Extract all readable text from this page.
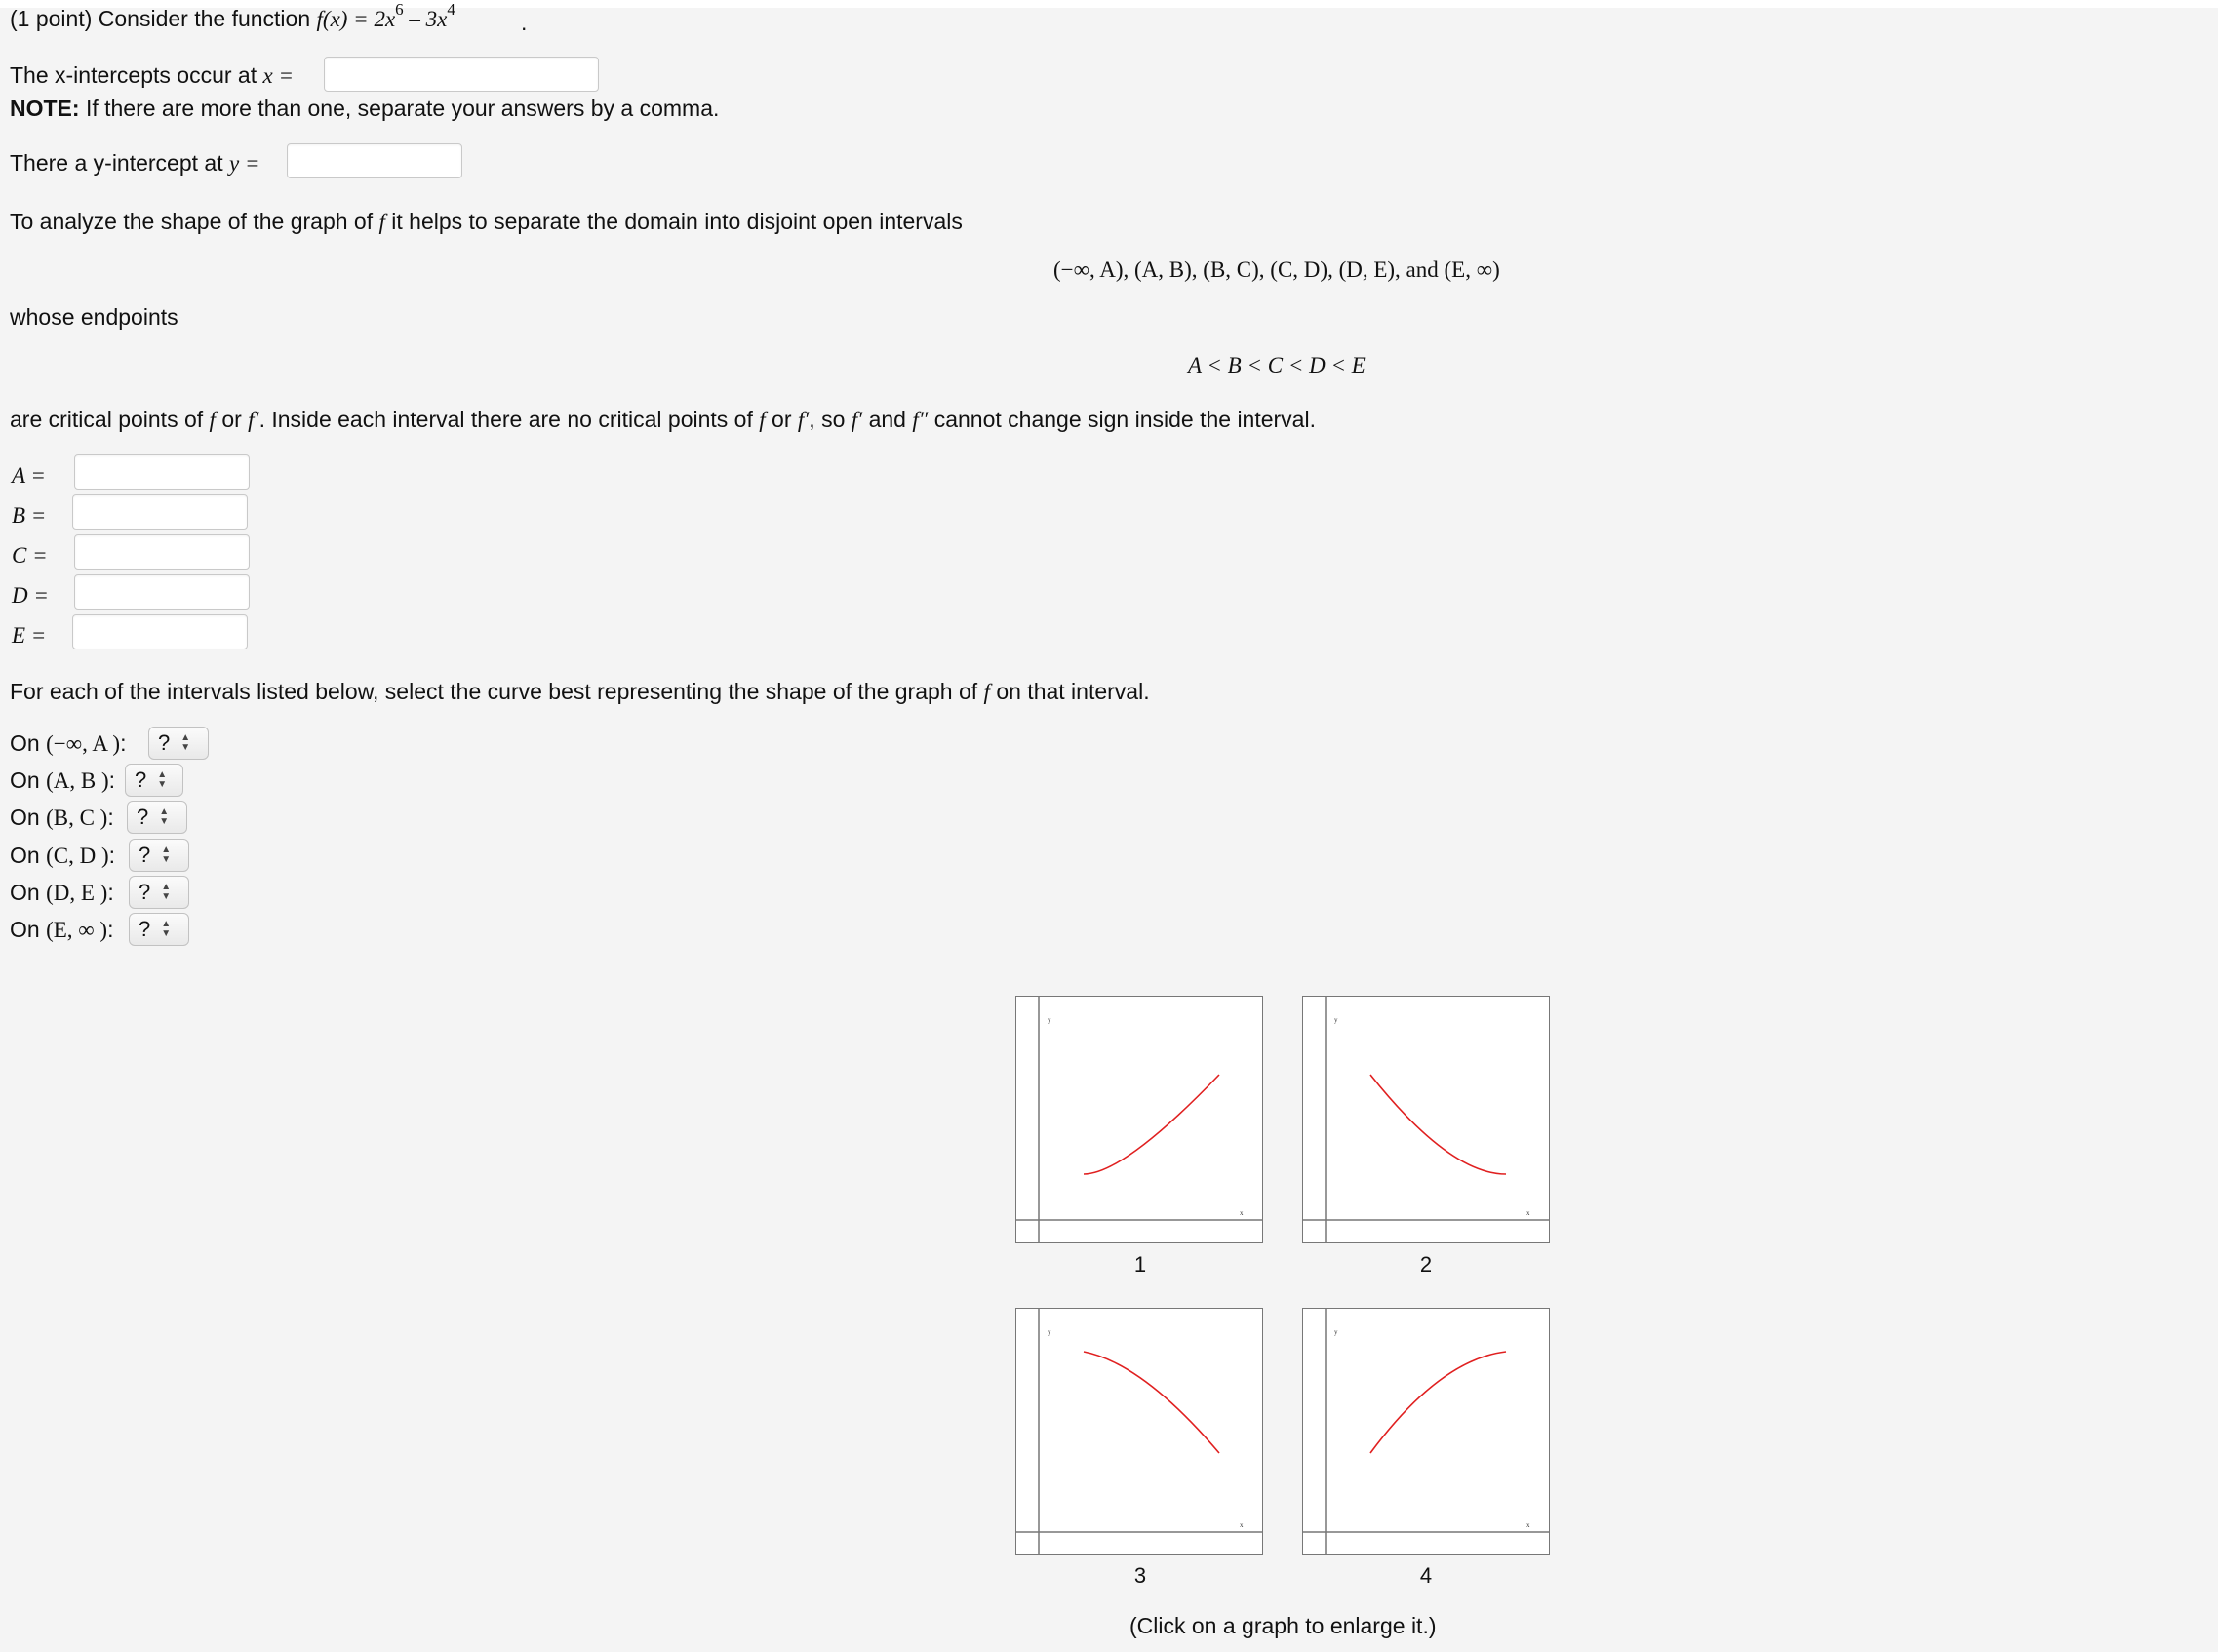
(1 point) Consider the function $f(x) = 2x^6 - 3x^4$
.
The x-intercepts occur at x =
NOTE: If there are more than one, separate your answers by a comma.
There a y-intercept at y =
To analyze the shape of the graph of f it helps to separate the domain into disjoint open intervals
(−∞, A), (A, B), (B, C), (C, D), (D, E), and (E, ∞)
whose endpoints
A < B < C < D < E
are critical points of f or f′. Inside each interval there are no critical points of f or f′, so f′ and f″ cannot change sign inside the interval.
A =
B =
C =
D =
E =
For each of the intervals listed below, select the curve best representing the shape of the graph of f on that interval.
On (−∞, A ): ? ▲
▼
On (A, B ): ? ▲
▼
On (B, C ): ? ▲
▼
On (C, D ): ? ▲
▼
On (D, E ): ? ▲
▼
On (E, ∞ ): ? ▲
▼
y
x
1
y
x
2
y
x
3
y
x
4
(Click on a graph to enlarge it.)
